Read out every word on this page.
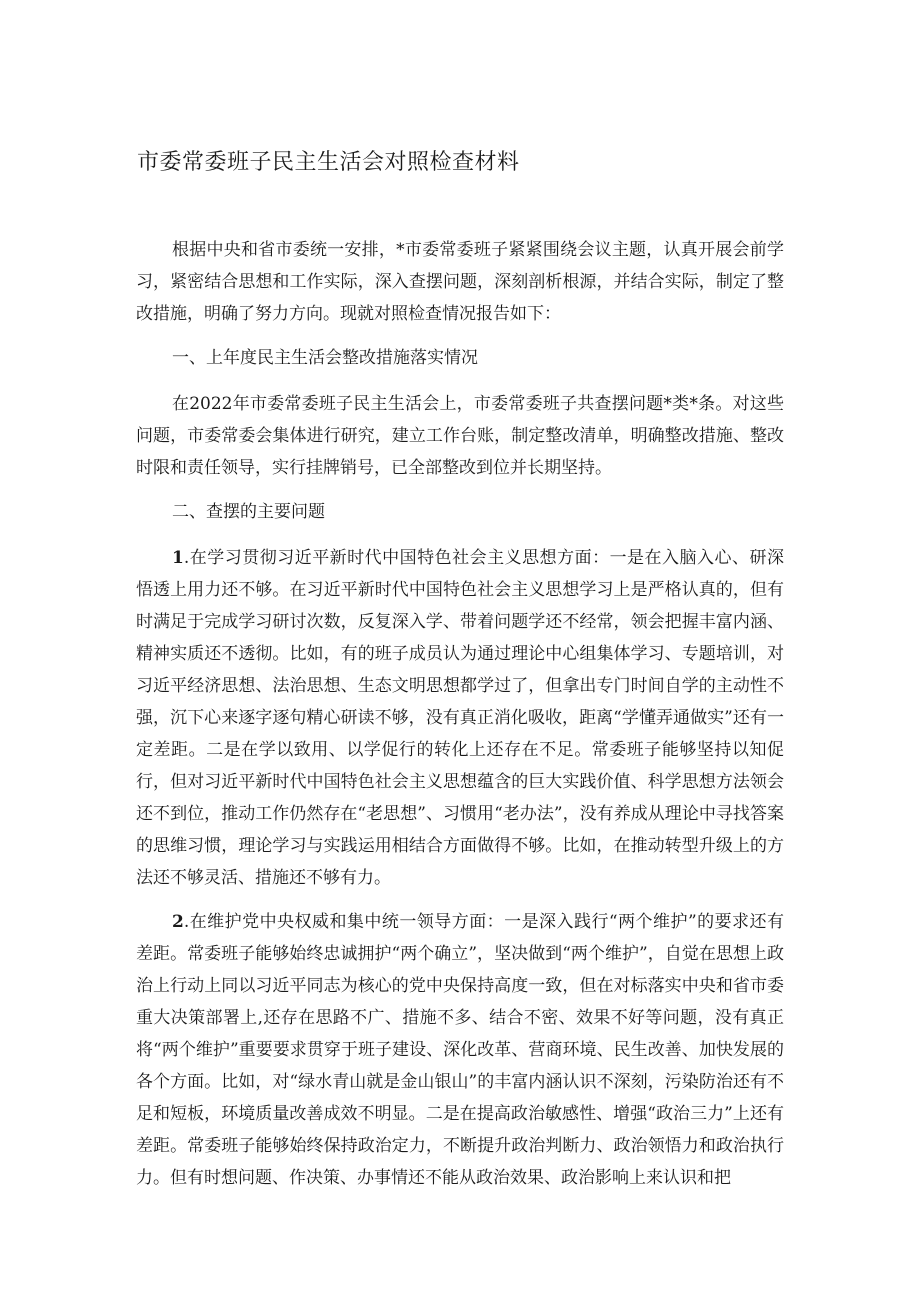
市委常委班子民主生活会对照检查材料

根据中央和省市委统一安排，*市委常委班子紧紧围绕会议主题，认真开展会前学习，紧密结合思想和工作实际，深入查摆问题，深刻剖析根源，并结合实际，制定了整改措施，明确了努力方向。现就对照检查情况报告如下：

一、上年度民主生活会整改措施落实情况

在2022年市委常委班子民主生活会上，市委常委班子共查摆问题*类*条。对这些问题，市委常委会集体进行研究，建立工作台账，制定整改清单，明确整改措施、整改时限和责任领导，实行挂牌销号，已全部整改到位并长期坚持。

二、查摆的主要问题

1.在学习贯彻习近平新时代中国特色社会主义思想方面：一是在入脑入心、研深悟透上用力还不够。在习近平新时代中国特色社会主义思想学习上是严格认真的，但有时满足于完成学习研讨次数，反复深入学、带着问题学还不经常，领会把握丰富内涵、精神实质还不透彻。比如，有的班子成员认为通过理论中心组集体学习、专题培训，对习近平经济思想、法治思想、生态文明思想都学过了，但拿出专门时间自学的主动性不强，沉下心来逐字逐句精心研读不够，没有真正消化吸收，距离“学懂弄通做实”还有一定差距。二是在学以致用、以学促行的转化上还存在不足。常委班子能够坚持以知促行，但对习近平新时代中国特色社会主义思想蕴含的巨大实践价值、科学思想方法领会还不到位，推动工作仍然存在“老思想”、习惯用“老办法”，没有养成从理论中寻找答案的思维习惯，理论学习与实践运用相结合方面做得不够。比如，在推动转型升级上的方法还不够灵活、措施还不够有力。

2.在维护党中央权威和集中统一领导方面：一是深入践行“两个维护”的要求还有差距。常委班子能够始终忠诚拥护“两个确立”，坚决做到“两个维护”，自觉在思想上政治上行动上同以习近平同志为核心的党中央保持高度一致，但在对标落实中央和省市委重大决策部署上,还存在思路不广、措施不多、结合不密、效果不好等问题，没有真正将“两个维护”重要要求贯穿于班子建设、深化改革、营商环境、民生改善、加快发展的各个方面。比如，对“绿水青山就是金山银山”的丰富内涵认识不深刻，污染防治还有不足和短板，环境质量改善成效不明显。二是在提高政治敏感性、增强“政治三力”上还有差距。常委班子能够始终保持政治定力，不断提升政治判断力、政治领悟力和政治执行力。但有时想问题、作决策、办事情还不能从政治效果、政治影响上来认识和把
